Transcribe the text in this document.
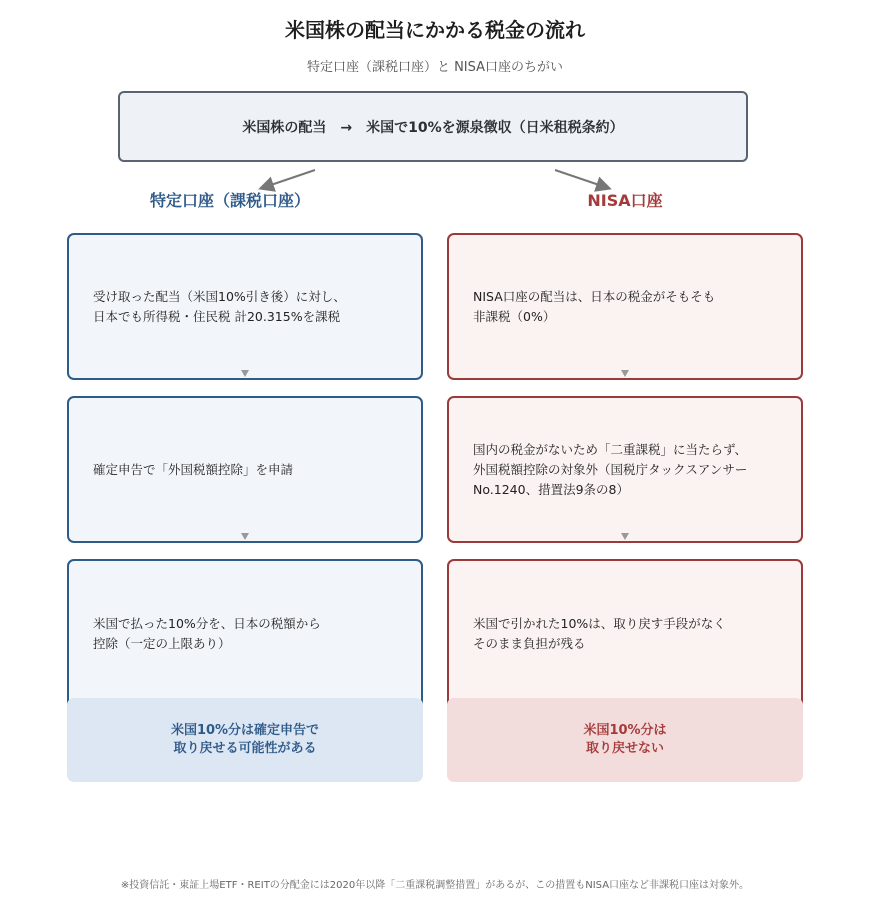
米国株の配当にかかる税金の流れ
特定口座（課税口座）と NISA口座のちがい
米国株の配当　→　米国で10%を源泉徴収（日米租税条約）
特定口座（課税口座）	NISA口座
受け取った配当（米国10%引き後）に対し、
日本でも所得税・住民税 計20.315%を課税
確定申告で「外国税額控除」を申請
米国で払った10%分を、日本の税額から
控除（一定の上限あり）
米国10%分は確定申告で
取り戻せる可能性がある
NISA口座の配当は、日本の税金がそもそも
非課税（0%）
国内の税金がないため「二重課税」に当たらず、
外国税額控除の対象外（国税庁タックスアンサー
No.1240、措置法9条の8）
米国で引かれた10%は、取り戻す手段がなく
そのまま負担が残る
米国10%分は
取り戻せない
※投資信託・東証上場ETF・REITの分配金には2020年以降「二重課税調整措置」があるが、この措置もNISA口座など非課税口座は対象外。
